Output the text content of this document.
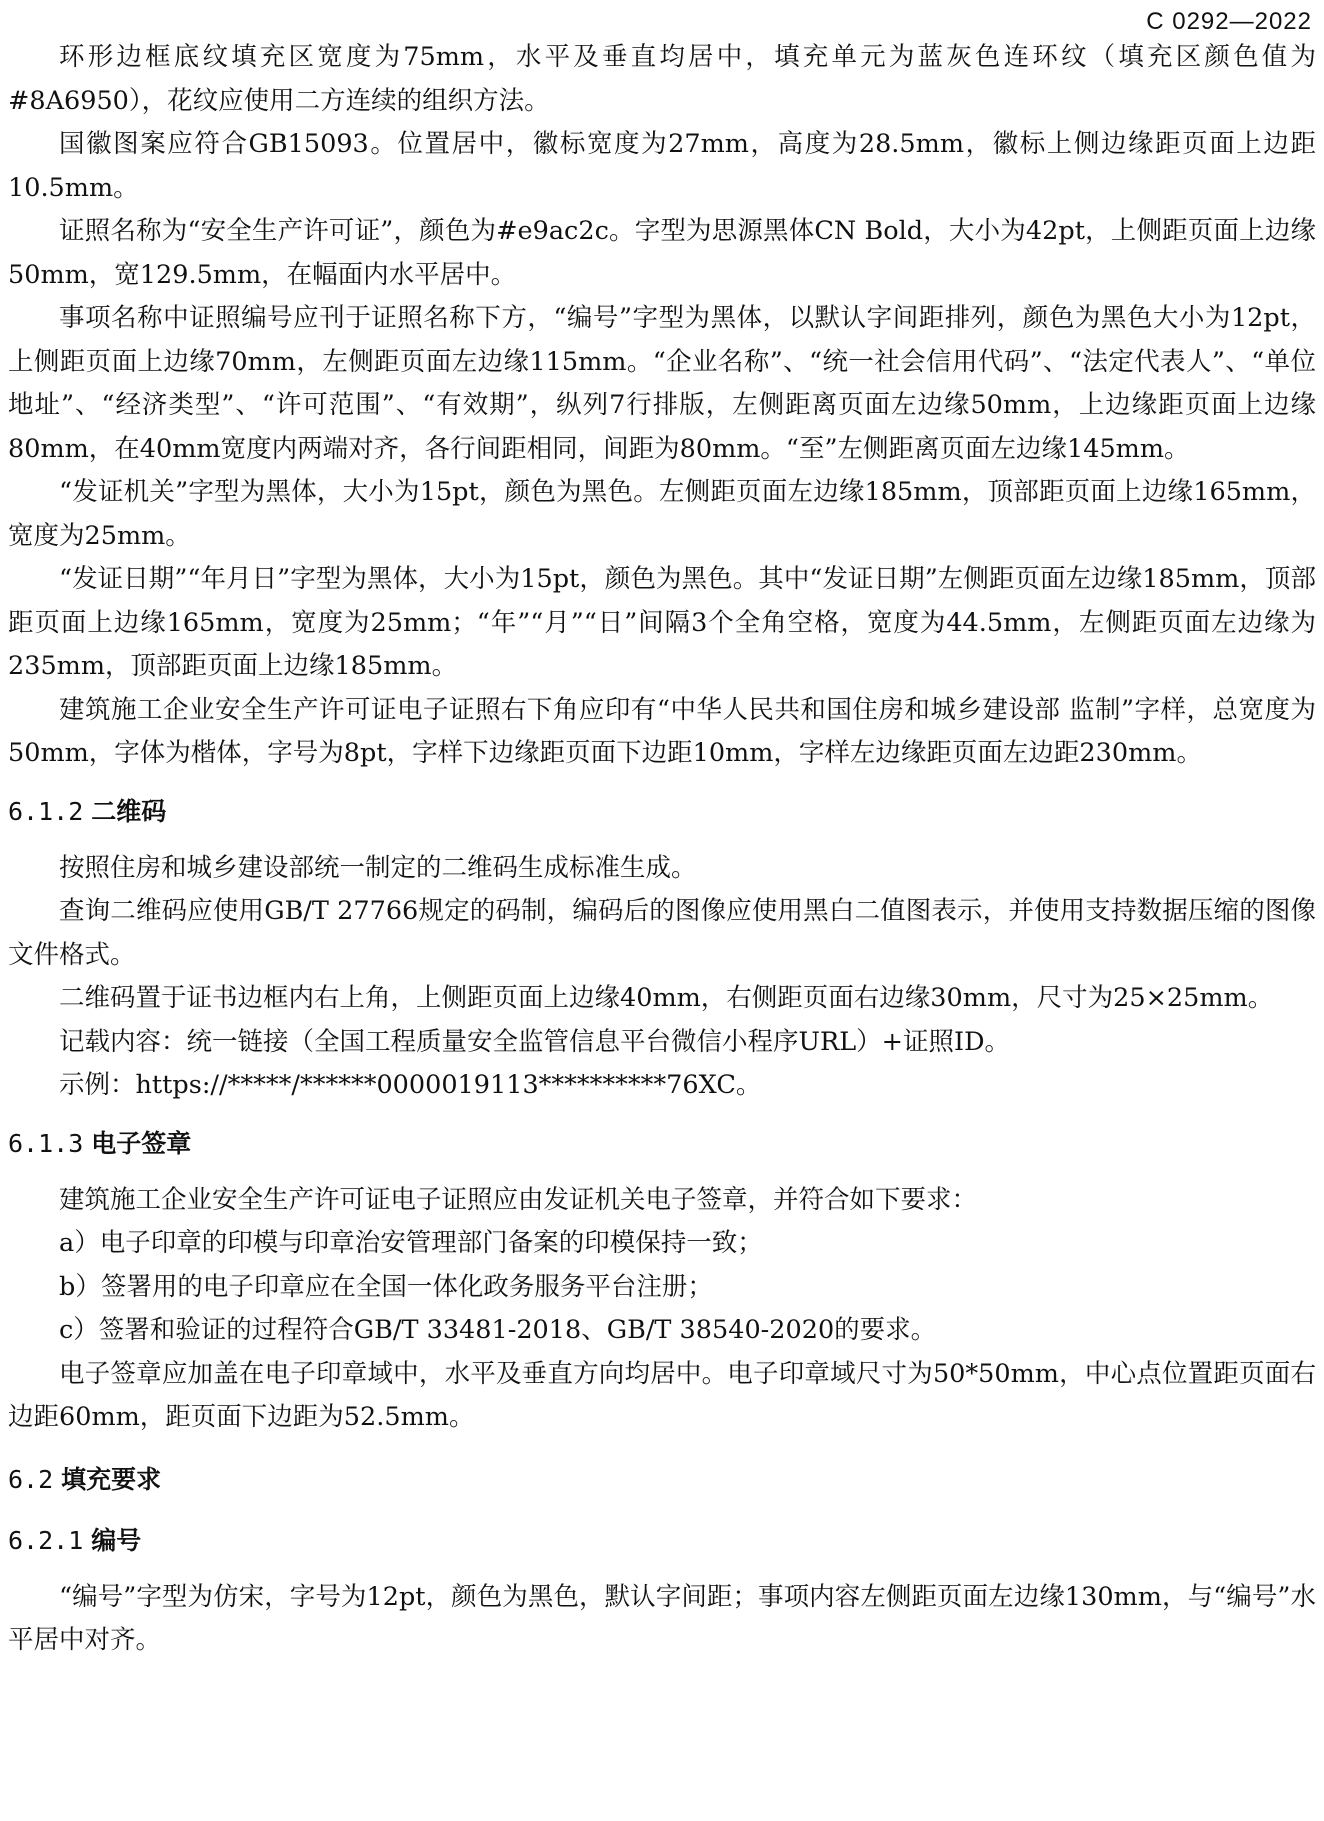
C 0292—2022

环形边框底纹填充区宽度为75mm，水平及垂直均居中，填充单元为蓝灰色连环纹（填充区颜色值为#8A6950），花纹应使用二方连续的组织方法。

国徽图案应符合GB15093。位置居中，徽标宽度为27mm，高度为28.5mm，徽标上侧边缘距页面上边距10.5mm。

证照名称为“安全生产许可证”，颜色为#e9ac2c。字型为思源黑体CN Bold，大小为42pt，上侧距页面上边缘50mm，宽129.5mm，在幅面内水平居中。

事项名称中证照编号应刊于证照名称下方，“编号”字型为黑体，以默认字间距排列，颜色为黑色大小为12pt，上侧距页面上边缘70mm，左侧距页面左边缘115mm。“企业名称”、“统一社会信用代码”、“法定代表人”、“单位地址”、“经济类型”、“许可范围”、“有效期”，纵列7行排版，左侧距离页面左边缘50mm，上边缘距页面上边缘80mm，在40mm宽度内两端对齐，各行间距相同，间距为80mm。“至”左侧距离页面左边缘145mm。

“发证机关”字型为黑体，大小为15pt，颜色为黑色。左侧距页面左边缘185mm，顶部距页面上边缘165mm，宽度为25mm。

“发证日期”“年月日”字型为黑体，大小为15pt，颜色为黑色。其中“发证日期”左侧距页面左边缘185mm，顶部距页面上边缘165mm，宽度为25mm；“年”“月”“日”间隔3个全角空格，宽度为44.5mm，左侧距页面左边缘为235mm，顶部距页面上边缘185mm。

建筑施工企业安全生产许可证电子证照右下角应印有“中华人民共和国住房和城乡建设部 监制”字样，总宽度为50mm，字体为楷体，字号为8pt，字样下边缘距页面下边距10mm，字样左边缘距页面左边距230mm。

6.1.2 二维码

按照住房和城乡建设部统一制定的二维码生成标准生成。

查询二维码应使用GB/T 27766规定的码制，编码后的图像应使用黑白二值图表示，并使用支持数据压缩的图像文件格式。

二维码置于证书边框内右上角，上侧距页面上边缘40mm，右侧距页面右边缘30mm，尺寸为25×25mm。

记载内容：统一链接（全国工程质量安全监管信息平台微信小程序URL）+证照ID。

示例：https://*****/******0000019113**********76XC。

6.1.3 电子签章

建筑施工企业安全生产许可证电子证照应由发证机关电子签章，并符合如下要求：

a）电子印章的印模与印章治安管理部门备案的印模保持一致；

b）签署用的电子印章应在全国一体化政务服务平台注册；

c）签署和验证的过程符合GB/T 33481-2018、GB/T 38540-2020的要求。

电子签章应加盖在电子印章域中，水平及垂直方向均居中。电子印章域尺寸为50*50mm，中心点位置距页面右边距60mm，距页面下边距为52.5mm。

6.2 填充要求

6.2.1 编号

“编号”字型为仿宋，字号为12pt，颜色为黑色，默认字间距；事项内容左侧距页面左边缘130mm，与“编号”水平居中对齐。
